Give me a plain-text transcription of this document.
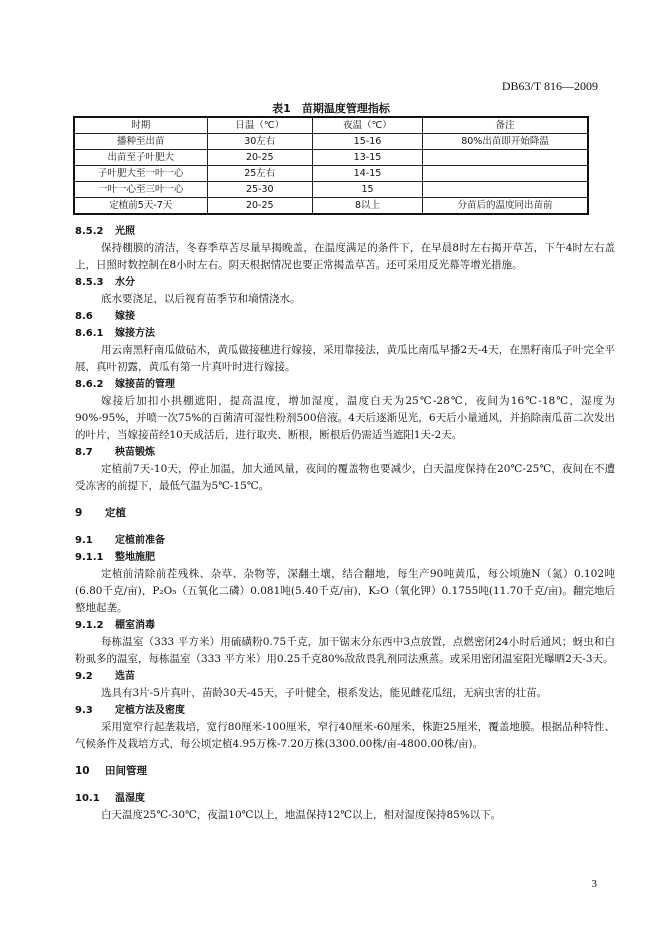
DB63/T 816—2009
表1　苗期温度管理指标
时期	日温（℃）	夜温（℃）	备注
播种至出苗	30左右	15-16	80%出苗即开始降温
出苗至子叶肥大	20-25	13-15	
子叶肥大至一叶一心	25左右	14-15	
一叶一心至三叶一心	25-30	15	
定植前5天-7天	20-25	8以上	分苗后的温度同出苗前

8.5.2 光照

保持棚膜的清洁，冬春季草苫尽量早揭晚盖，在温度满足的条件下，在早晨8时左右揭开草苫，下午4时左右盖上，日照时数控制在8小时左右。阴天根据情况也要正常揭盖草苫。还可采用反光幕等增光措施。

8.5.3 水分

底水要浇足，以后视育苗季节和墒情浇水。

8.6 嫁接

8.6.1 嫁接方法

用云南黑籽南瓜做砧木，黄瓜做接穗进行嫁接，采用靠接法，黄瓜比南瓜早播2天-4天，在黑籽南瓜子叶完全平展，真叶初露，黄瓜有第一片真叶时进行嫁接。

8.6.2 嫁接苗的管理

嫁接后加扣小拱棚遮阳，提高温度，增加湿度，温度白天为25℃-28℃，夜间为16℃-18℃，湿度为90%-95%，并喷一次75%的百菌清可湿性粉剂500倍液。4天后逐渐见光，6天后小量通风，并掐除南瓜苗二次发出的叶片，当嫁接苗经10天成活后，进行取夹、断根，断根后仍需适当遮阳1天-2天。

8.7 秧苗锻炼

定植前7天-10天，停止加温，加大通风量，夜间的覆盖物也要减少，白天温度保持在20℃-25℃，夜间在不遭受冻害的前提下，最低气温为5℃-15℃。

9 定植

9.1 定植前准备

9.1.1 整地施肥

定植前清除前茬残株、杂草、杂物等，深翻土壤，结合翻地，每生产90吨黄瓜，每公顷施N（氮）0.102吨(6.80千克/亩)，P₂O₅（五氧化二磷）0.081吨(5.40千克/亩)，K₂O（氧化钾）0.1755吨(11.70千克/亩)。翻完地后整地起垄。

9.1.2 棚室消毒

每栋温室（333 平方米）用硫磺粉0.75千克，加干锯末分东西中3点放置，点燃密闭24小时后通风；蚜虫和白粉虱多的温室，每栋温室（333 平方米）用0.25千克80%敌敌畏乳剂同法熏蒸。或采用密闭温室阳光曝晒2天-3天。

9.2 选苗

选具有3片-5片真叶，苗龄30天-45天，子叶健全，根系发达，能见雌花瓜纽，无病虫害的壮苗。

9.3 定植方法及密度

采用宽窄行起垄栽培，宽行80厘米-100厘米，窄行40厘米-60厘米，株距25厘米，覆盖地膜。根据品种特性、气候条件及栽培方式，每公顷定植4.95万株-7.20万株(3300.00株/亩-4800.00株/亩)。

10 田间管理

10.1 温湿度

白天温度25℃-30℃，夜温10℃以上，地温保持12℃以上，相对湿度保持85%以下。

3
